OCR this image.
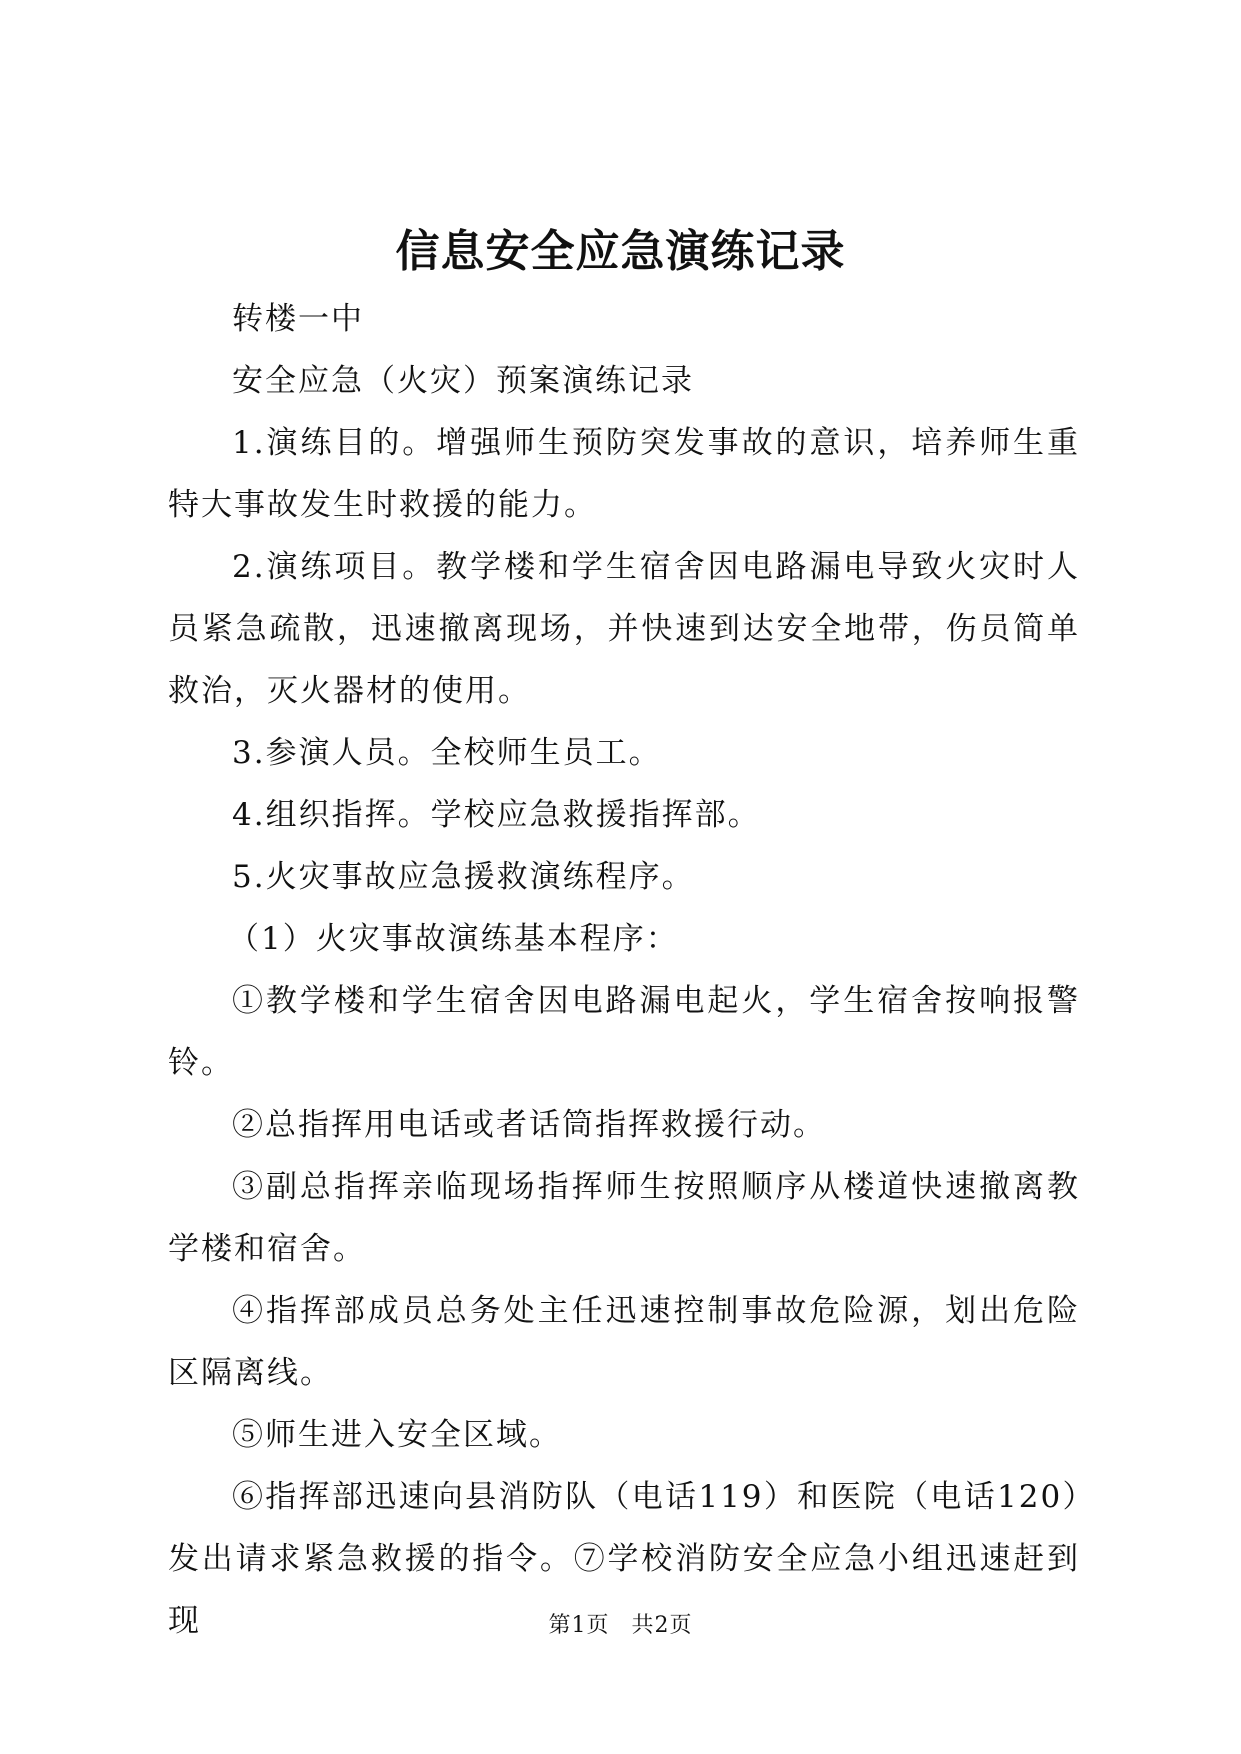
信息安全应急演练记录

转楼一中

安全应急（火灾）预案演练记录

1.演练目的。增强师生预防突发事故的意识，培养师生重特大事故发生时救援的能力。

2.演练项目。教学楼和学生宿舍因电路漏电导致火灾时人员紧急疏散，迅速撤离现场，并快速到达安全地带，伤员简单救治，灭火器材的使用。

3.参演人员。全校师生员工。

4.组织指挥。学校应急救援指挥部。

5.火灾事故应急援救演练程序。

（1）火灾事故演练基本程序：

①教学楼和学生宿舍因电路漏电起火，学生宿舍按响报警铃。

②总指挥用电话或者话筒指挥救援行动。

③副总指挥亲临现场指挥师生按照顺序从楼道快速撤离教学楼和宿舍。

④指挥部成员总务处主任迅速控制事故危险源，划出危险区隔离线。

⑤师生进入安全区域。

⑥指挥部迅速向县消防队（电话119）和医院（电话120）发出请求紧急救援的指令。⑦学校消防安全应急小组迅速赶到现	第1页 共2页
